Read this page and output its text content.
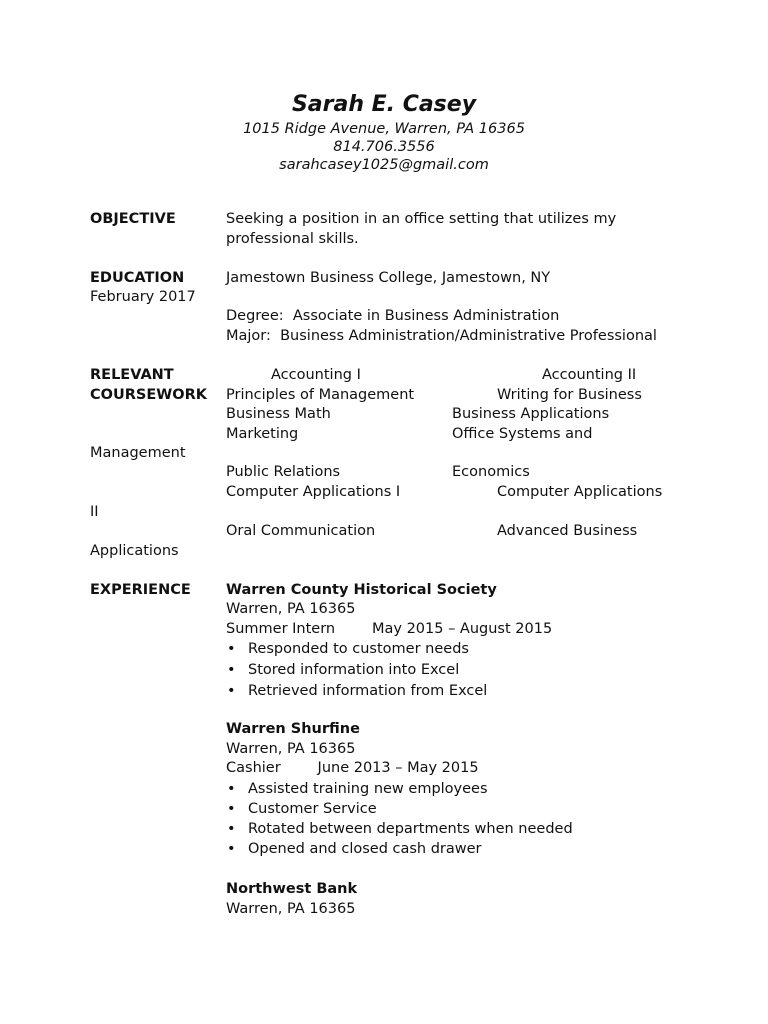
Sarah E. Casey
1015 Ridge Avenue, Warren, PA 16365
814.706.3556
sarahcasey1025@gmail.com
OBJECTIVE	Seeking a position in an office setting that utilizes my
professional skills.
EDUCATION
February 2017
Jamestown Business College, Jamestown, NY
Degree:  Associate in Business Administration
Major:  Business Administration/Administrative Professional
RELEVANT
COURSEWORK
Accounting I	Accounting II
Principles of Management	Writing for Business
Business Math	Business Applications
Marketing	Office Systems and
Management
Public Relations	Economics
Computer Applications I	Computer Applications
II
Oral Communication	Advanced Business
Applications
EXPERIENCE Warren County Historical Society
Warren, PA 16365
Summer Intern        May 2015 – August 2015
• Responded to customer needs
• Stored information into Excel
• Retrieved information from Excel
Warren Shurfine
Warren, PA 16365
Cashier        June 2013 – May 2015
• Assisted training new employees
• Customer Service
• Rotated between departments when needed
• Opened and closed cash drawer
Northwest Bank
Warren, PA 16365
